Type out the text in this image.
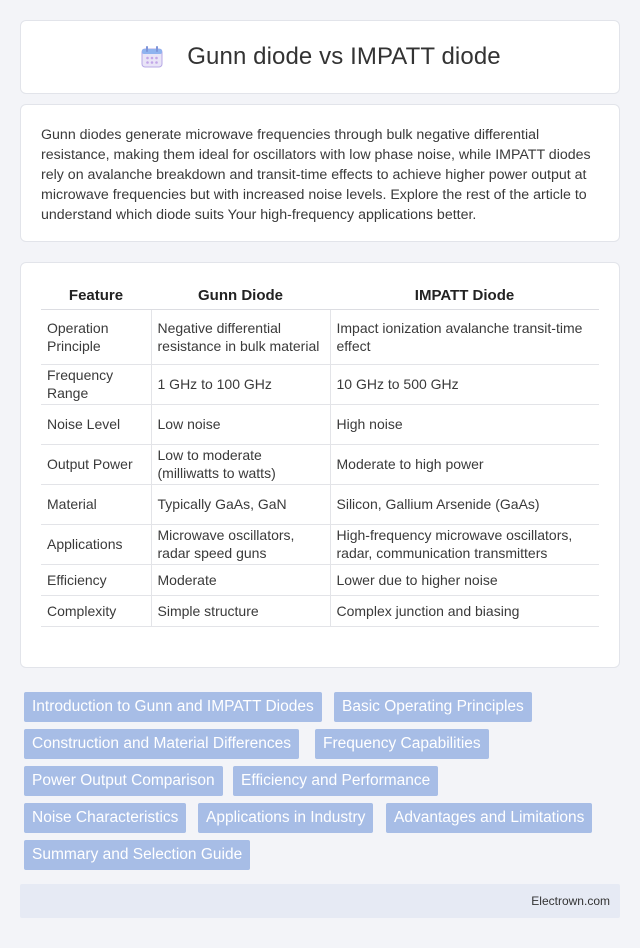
Gunn diode vs IMPATT diode

Gunn diodes generate microwave frequencies through bulk negative differential resistance, making them ideal for oscillators with low phase noise, while IMPATT diodes rely on avalanche breakdown and transit-time effects to achieve higher power output at microwave frequencies but with increased noise levels. Explore the rest of the article to understand which diode suits Your high-frequency applications better.

Feature	Gunn Diode	IMPATT Diode
Operation Principle	Negative differential resistance in bulk material	Impact ionization avalanche transit-time effect
Frequency Range	1 GHz to 100 GHz	10 GHz to 500 GHz
Noise Level	Low noise	High noise
Output Power	Low to moderate (milliwatts to watts)	Moderate to high power
Material	Typically GaAs, GaN	Silicon, Gallium Arsenide (GaAs)
Applications	Microwave oscillators, radar speed guns	High-frequency microwave oscillators, radar, communication transmitters
Efficiency	Moderate	Lower due to higher noise
Complexity	Simple structure	Complex junction and biasing
Introduction to Gunn and IMPATT Diodes	Basic Operating Principles
Construction and Material Differences	Frequency Capabilities
Power Output Comparison	Efficiency and Performance
Noise Characteristics	Applications in Industry	Advantages and Limitations
Summary and Selection Guide
Electrown.com
